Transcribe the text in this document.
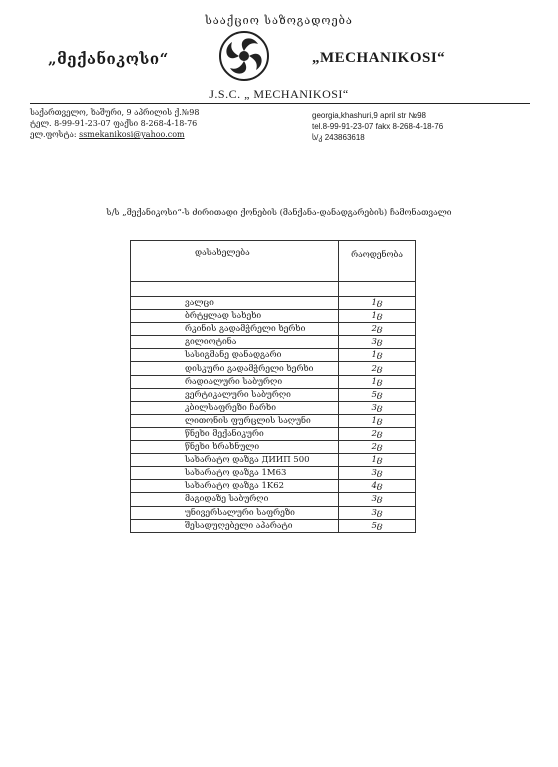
სააქციო საზოგადოება
„მექანიკოსი“	„MECHANIKOSI“
J.S.C. „ MECHANIKOSI“
საქართველო, ხაშური, 9 აპრილის ქ.№98
ტელ. 8-99-91-23-07 ფაქსი 8-268-4-18-76
ელ.ფოსტა: ssmekanikosi@yahoo.com
georgia,khashuri,9 april str №98
tel.8-99-91-23-07 fakx 8-268-4-18-76
ს/კ 243863618
ს/ს „მექანიკოსი“-ს ძირითადი ქონების (მანქანა-დანადგარების) ჩამონათვალი
დასახელება	რაოდენობა

ვალცი	1ც
ბრტყლად სახეხი	1ც
რკინის გადამჭრელი ხერხი	2ც
გილიოტინა	3ც
სასიგმანე დანადგარი	1ც
დისკური გადამჭრელი ხერხი	2ც
რადიალური საბურღი	1ც
ვერტიკალური საბურღი	5ც
კბილსაფრეზი ჩარხი	3ც
ლითონის ფურცლის საღუნი	1ც
წნეხი მექანიკური	2ც
წნეხი ხრახნული	2ც
სახარატო დაზგა ДИИП 500	1ც
სახარატო დაზგა 1M63	3ც
სახარატო დაზგა 1K62	4ც
მაგიდაზე საბურღი	3ც
უნივერსალური საფრეზი	3ც
შესადუღებელი აპარატი	5ც
